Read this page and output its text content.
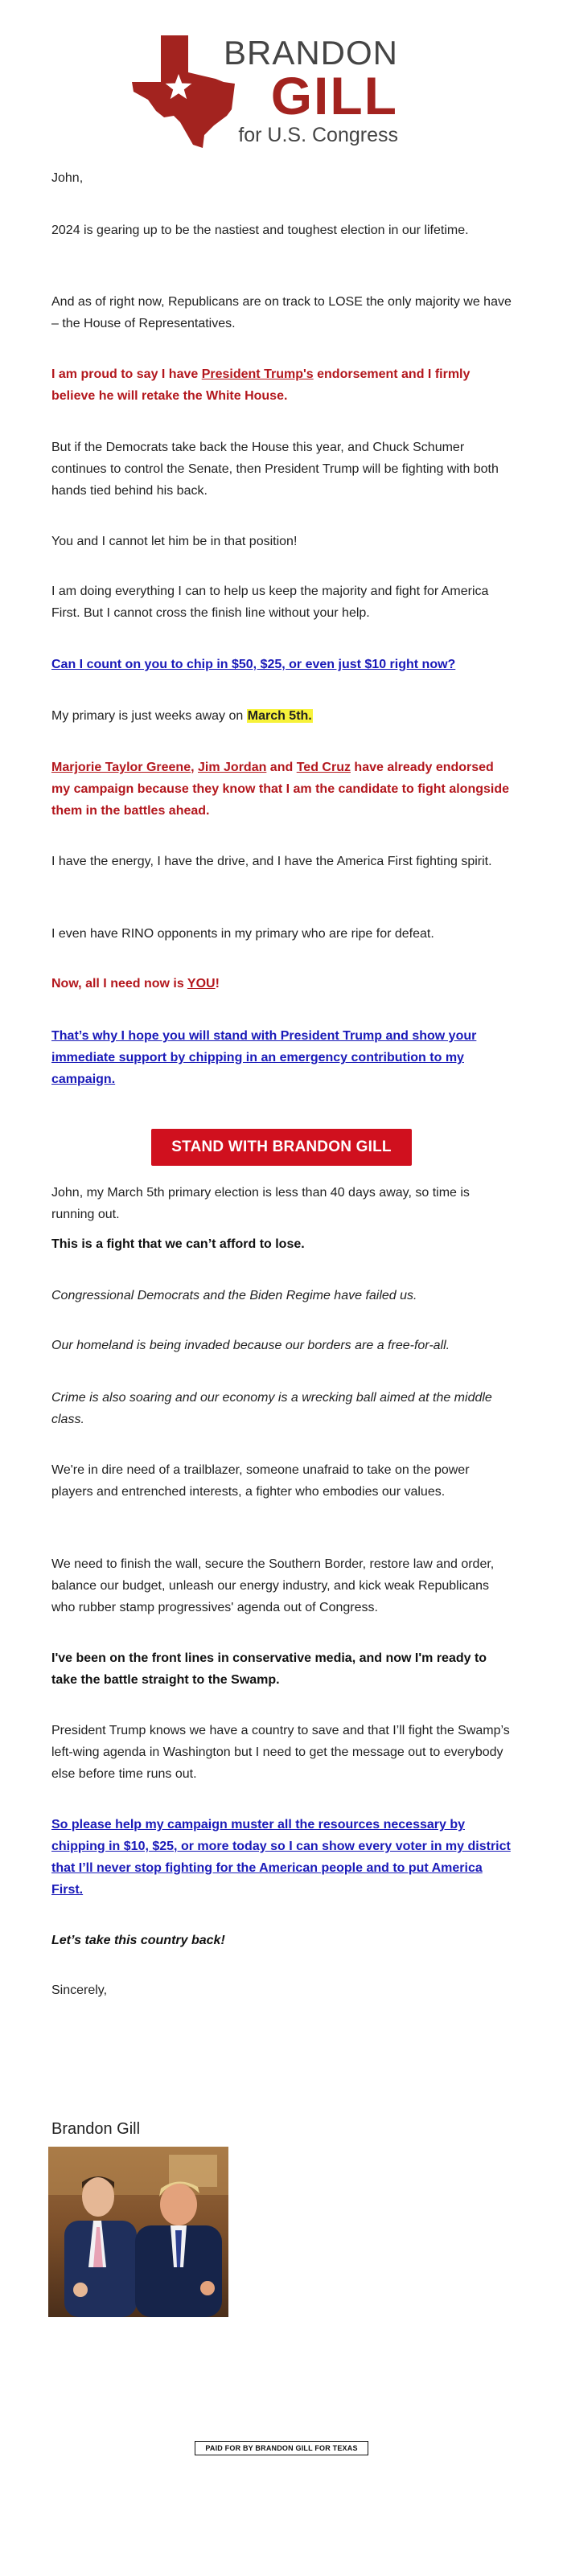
BRANDON
GILL
for U.S. Congress

John,

2024 is gearing up to be the nastiest and toughest election in our lifetime.

And as of right now, Republicans are on track to LOSE the only majority we have – the House of Representatives.

I am proud to say I have President Trump's endorsement and I firmly believe he will retake the White House.

But if the Democrats take back the House this year, and Chuck Schumer continues to control the Senate, then President Trump will be fighting with both hands tied behind his back.

You and I cannot let him be in that position!

I am doing everything I can to help us keep the majority and fight for America First. But I cannot cross the finish line without your help.

Can I count on you to chip in $50, $25, or even just $10 right now?

My primary is just weeks away on March 5th.

Marjorie Taylor Greene, Jim Jordan and Ted Cruz have already endorsed my campaign because they know that I am the candidate to fight alongside them in the battles ahead.

I have the energy, I have the drive, and I have the America First fighting spirit.

I even have RINO opponents in my primary who are ripe for defeat.

Now, all I need now is YOU!

That’s why I hope you will stand with President Trump and show your immediate support by chipping in an emergency contribution to my campaign.

STAND WITH BRANDON GILL

John, my March 5th primary election is less than 40 days away, so time is running out.

This is a fight that we can’t afford to lose.

Congressional Democrats and the Biden Regime have failed us.

Our homeland is being invaded because our borders are a free-for-all.

Crime is also soaring and our economy is a wrecking ball aimed at the middle class.

We're in dire need of a trailblazer, someone unafraid to take on the power players and entrenched interests, a fighter who embodies our values.

We need to finish the wall, secure the Southern Border, restore law and order, balance our budget, unleash our energy industry, and kick weak Republicans who rubber stamp progressives' agenda out of Congress.

I've been on the front lines in conservative media, and now I'm ready to take the battle straight to the Swamp.

President Trump knows we have a country to save and that I’ll fight the Swamp’s left-wing agenda in Washington but I need to get the message out to everybody else before time runs out.

So please help my campaign muster all the resources necessary by chipping in $10, $25, or more today so I can show every voter in my district that I’ll never stop fighting for the American people and to put America First.

Let’s take this country back!

Sincerely,

Brandon Gill
PAID FOR BY BRANDON GILL FOR TEXAS
